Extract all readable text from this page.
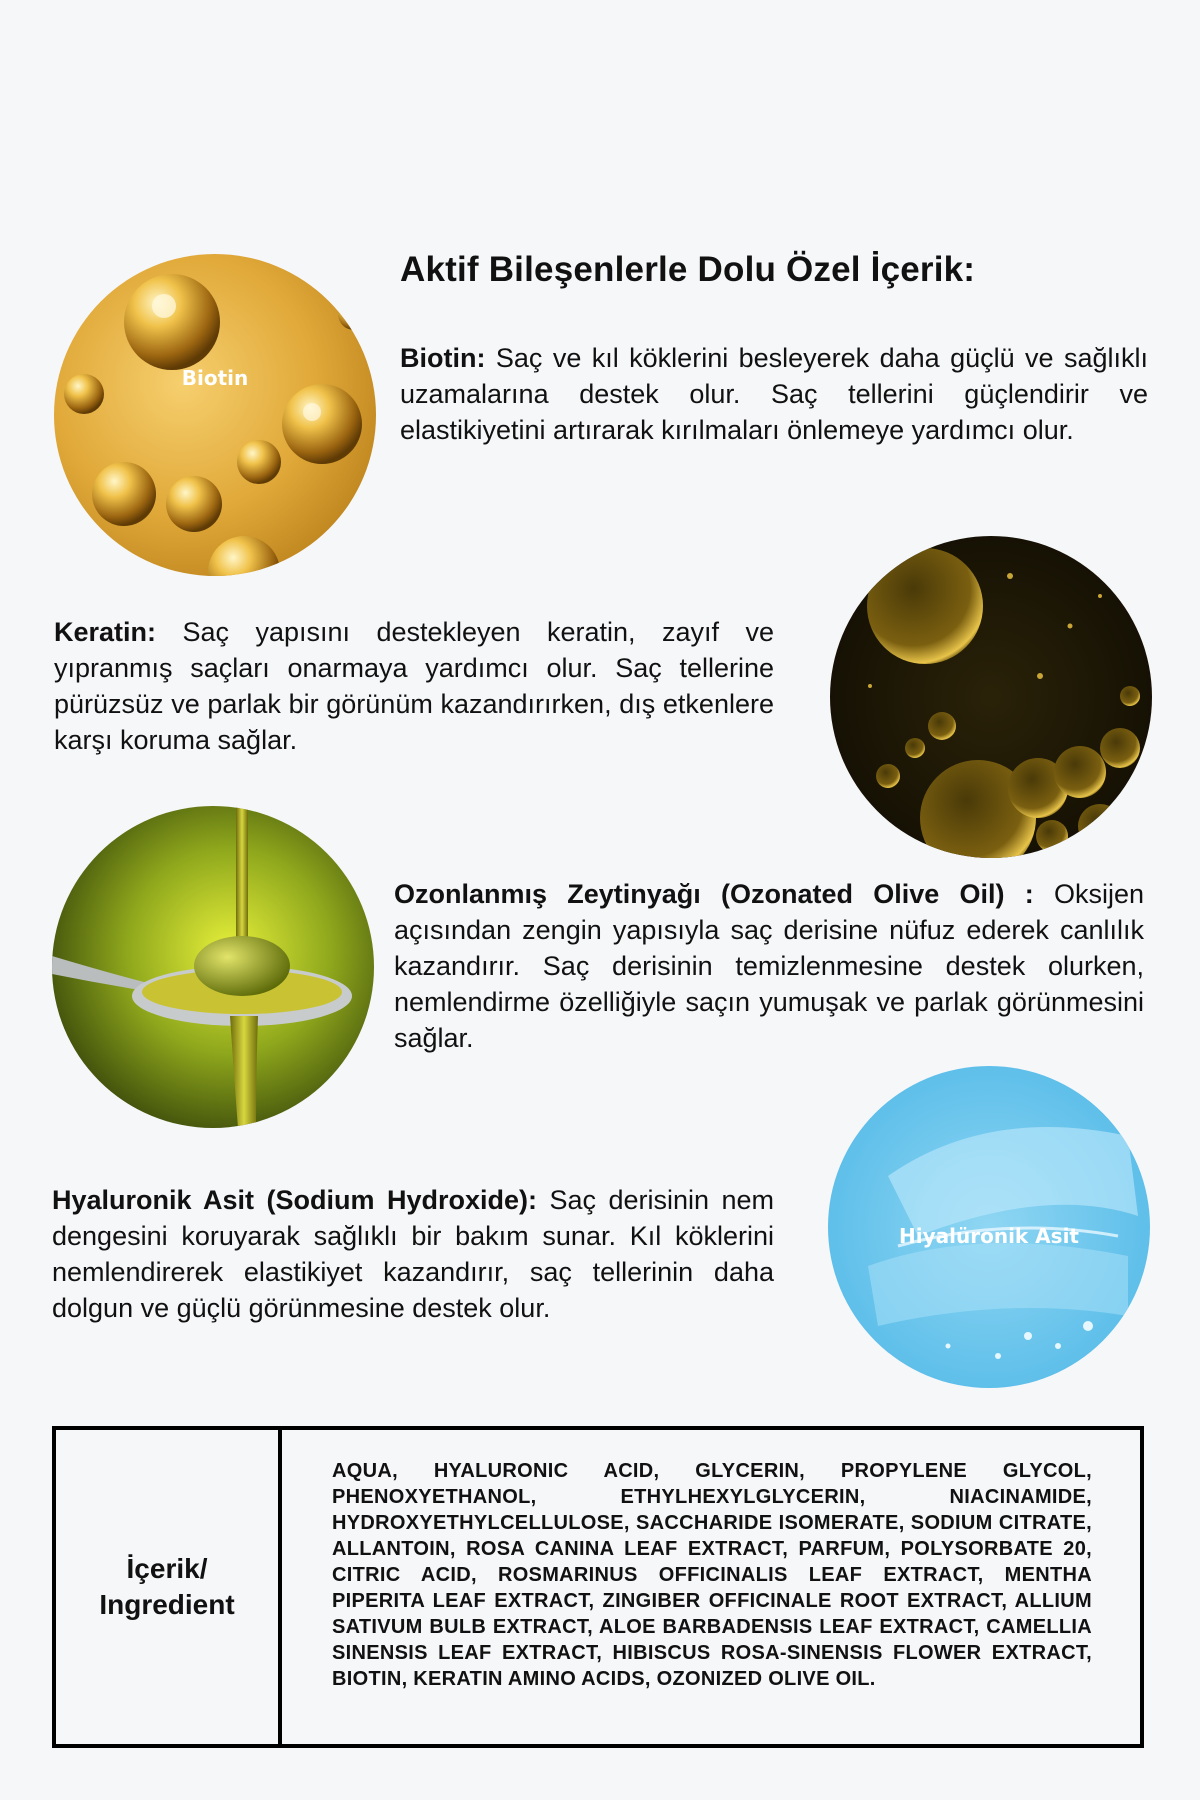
Aktif Bileşenlerle Dolu Özel İçerik:
Biotin
Biotin: Saç ve kıl köklerini besleyerek daha güçlü ve sağlıklı uzamalarına destek olur. Saç tellerini güçlendirir ve elastikiyetini artırarak kırılmaları önlemeye yardımcı olur.
Keratin: Saç yapısını destekleyen keratin, zayıf ve yıpranmış saçları onarmaya yardımcı olur. Saç tellerine pürüzsüz ve parlak bir görünüm kazandırırken, dış etkenlere karşı koruma sağlar.
Ozonlanmış Zeytinyağı (Ozonated Olive Oil) : Oksijen açısından zengin yapısıyla saç derisine nüfuz ederek canlılık kazandırır. Saç derisinin temizlenmesine destek olurken, nemlendirme özelliğiyle saçın yumuşak ve parlak görünmesini sağlar.
Hyaluronik Asit (Sodium Hydroxide): Saç derisinin nem dengesini koruyarak sağlıklı bir bakım sunar. Kıl köklerini nemlendirerek elastikiyet kazandırır, saç tellerinin daha dolgun ve güçlü görünmesine destek olur.
Hiyalüronik Asit
İçerik/ Ingredient
AQUA, HYALURONIC ACID, GLYCERIN, PROPYLENE GLYCOL, PHENOXYETHANOL, ETHYLHEXYLGLYCERIN, NIACINAMIDE, HYDROXYETHYLCELLULOSE, SACCHARIDE ISOMERATE, SODIUM CITRATE, ALLANTOIN, ROSA CANINA LEAF EXTRACT, PARFUM, POLYSORBATE 20, CITRIC ACID, ROSMARINUS OFFICINALIS LEAF EXTRACT, MENTHA PIPERITA LEAF EXTRACT, ZINGIBER OFFICINALE ROOT EXTRACT, ALLIUM SATIVUM BULB EXTRACT, ALOE BARBADENSIS LEAF EXTRACT, CAMELLIA SINENSIS LEAF EXTRACT, HIBISCUS ROSA-SINENSIS FLOWER EXTRACT, BIOTIN, KERATIN AMINO ACIDS, OZONIZED OLIVE OIL.
